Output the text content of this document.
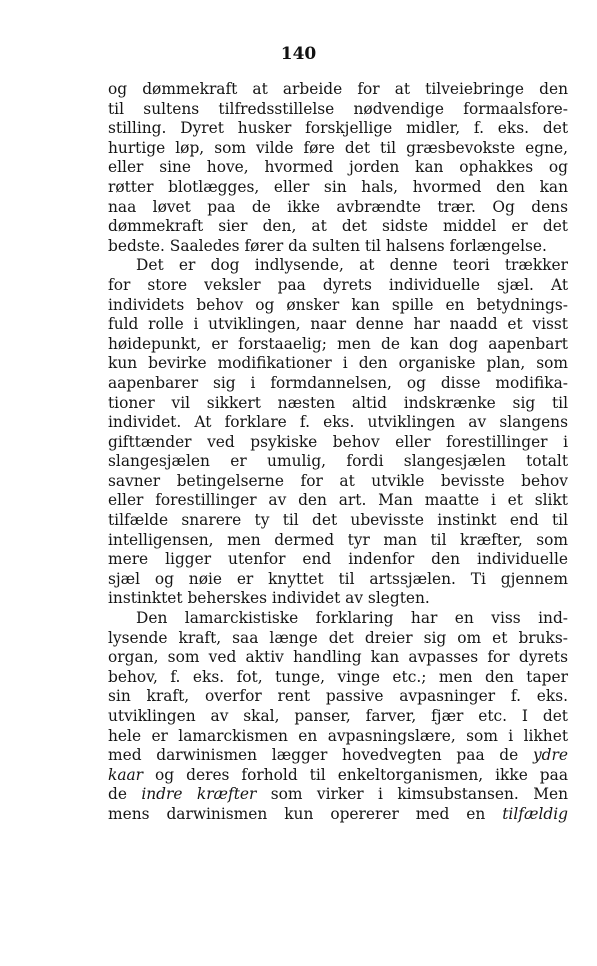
140
og dømmekraft at arbeide for at tilveiebringe den
til sultens tilfredsstillelse nødvendige formaalsfore-
stilling. Dyret husker forskjellige midler, f. eks. det
hurtige løp, som vilde føre det til græsbevokste egne,
eller sine hove, hvormed jorden kan ophakkes og
røtter blotlægges, eller sin hals, hvormed den kan
naa løvet paa de ikke avbrændte trær. Og dens
dømmekraft sier den, at det sidste middel er det
bedste. Saaledes fører da sulten til halsens forlængelse.
Det er dog indlysende, at denne teori trækker
for store veksler paa dyrets individuelle sjæl. At
individets behov og ønsker kan spille en betydnings-
fuld rolle i utviklingen, naar denne har naadd et visst
høidepunkt, er forstaaelig; men de kan dog aapenbart
kun bevirke modifikationer i den organiske plan, som
aapenbarer sig i formdannelsen, og disse modifika-
tioner vil sikkert næsten altid indskrænke sig til
individet. At forklare f. eks. utviklingen av slangens
gifttænder ved psykiske behov eller forestillinger i
slangesjælen er umulig, fordi slangesjælen totalt
savner betingelserne for at utvikle bevisste behov
eller forestillinger av den art. Man maatte i et slikt
tilfælde snarere ty til det ubevisste instinkt end til
intelligensen, men dermed tyr man til kræfter, som
mere ligger utenfor end indenfor den individuelle
sjæl og nøie er knyttet til artssjælen. Ti gjennem
instinktet beherskes individet av slegten.
Den lamarckistiske forklaring har en viss ind-
lysende kraft, saa længe det dreier sig om et bruks-
organ, som ved aktiv handling kan avpasses for dyrets
behov, f. eks. fot, tunge, vinge etc.; men den taper
sin kraft, overfor rent passive avpasninger f. eks.
utviklingen av skal, panser, farver, fjær etc. I det
hele er lamarckismen en avpasningslære, som i likhet
med darwinismen lægger hovedvegten paa de ydre
kaar og deres forhold til enkeltorganismen, ikke paa
de indre kræfter som virker i kimsubstansen. Men
mens darwinismen kun opererer med en tilfældig
